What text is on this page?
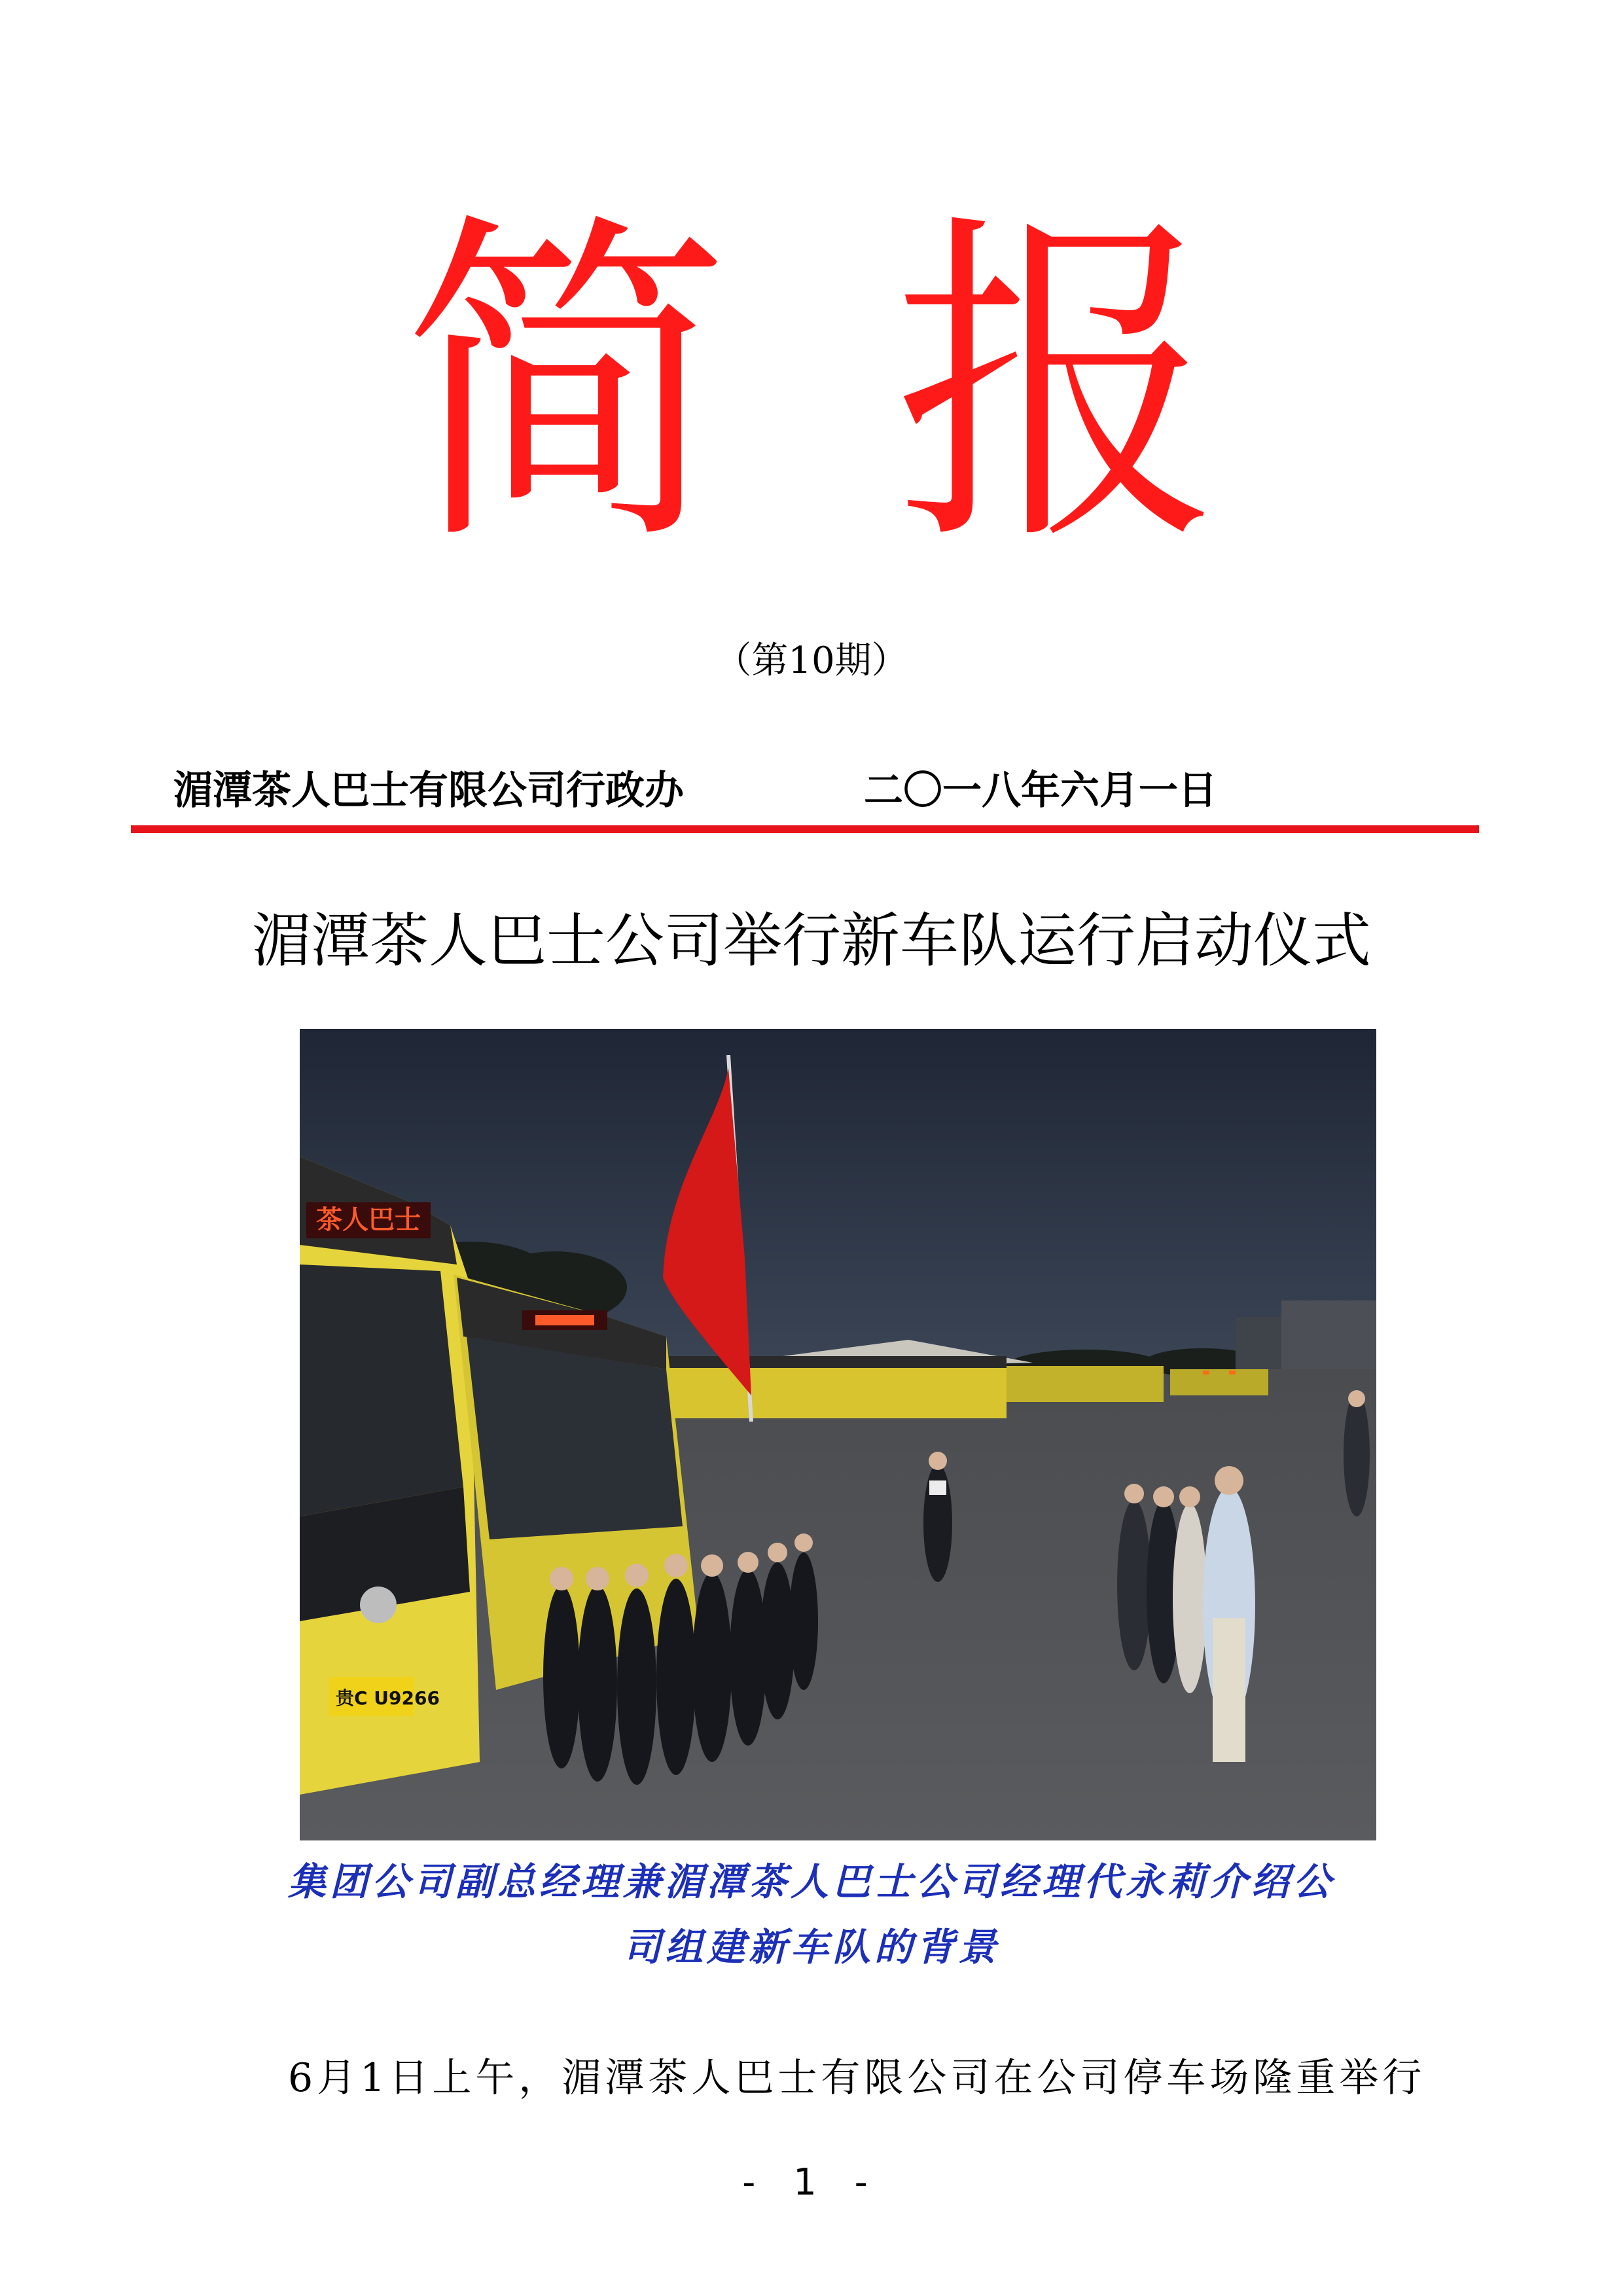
简 报
（第10期）
湄潭茶人巴士有限公司行政办	二〇一八年六月一日
湄潭茶人巴士公司举行新车队运行启动仪式
茶人巴士
贵C U9266
集团公司副总经理兼湄潭茶人巴士公司经理代永莉介绍公
司组建新车队的背景
6月1日上午，湄潭茶人巴士有限公司在公司停车场隆重举行
- 1 -
